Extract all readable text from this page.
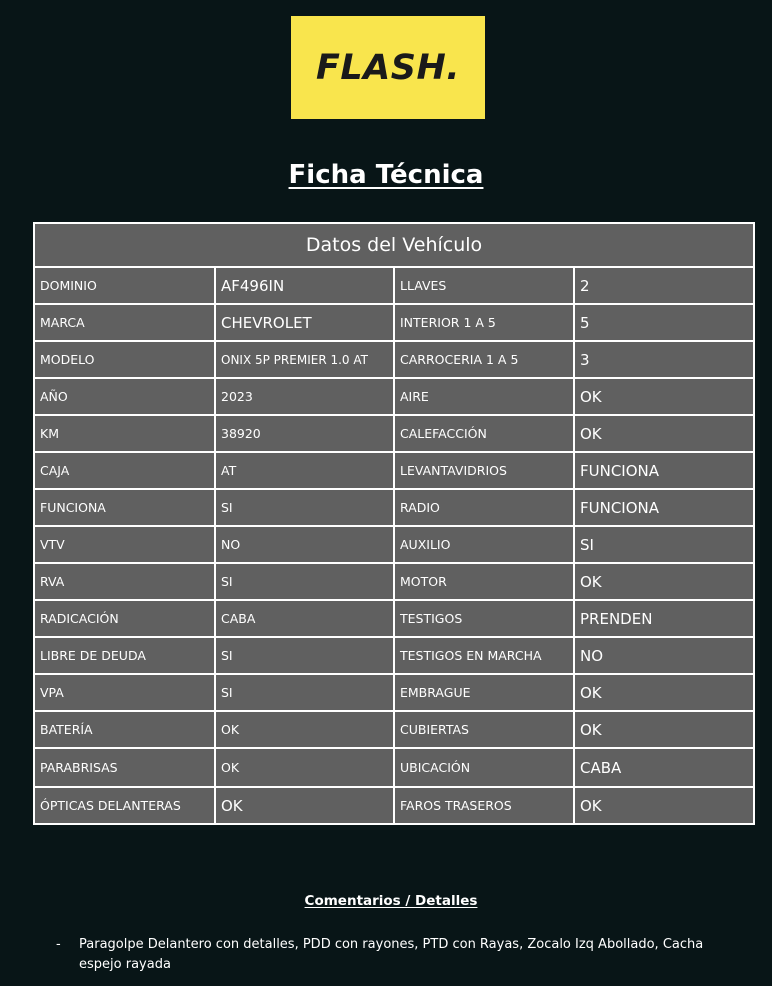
FLASH.
Ficha Técnica
Datos del Vehículo			
DOMINIO	AF496IN	LLAVES	2
MARCA	CHEVROLET	INTERIOR 1 A 5	5
MODELO	ONIX 5P PREMIER 1.0 AT	CARROCERIA 1 A 5	3
AÑO	2023	AIRE	OK
KM	38920	CALEFACCIÓN	OK
CAJA	AT	LEVANTAVIDRIOS	FUNCIONA
FUNCIONA	SI	RADIO	FUNCIONA
VTV	NO	AUXILIO	SI
RVA	SI	MOTOR	OK
RADICACIÓN	CABA	TESTIGOS	PRENDEN
LIBRE DE DEUDA	SI	TESTIGOS EN MARCHA	NO
VPA	SI	EMBRAGUE	OK
BATERÍA	OK	CUBIERTAS	OK
PARABRISAS	OK	UBICACIÓN	CABA
ÓPTICAS DELANTERAS	OK	FAROS TRASEROS	OK
Comentarios / Detalles
- Paragolpe Delantero con detalles, PDD con rayones, PTD con Rayas, Zocalo Izq Abollado, Cacha espejo rayada
